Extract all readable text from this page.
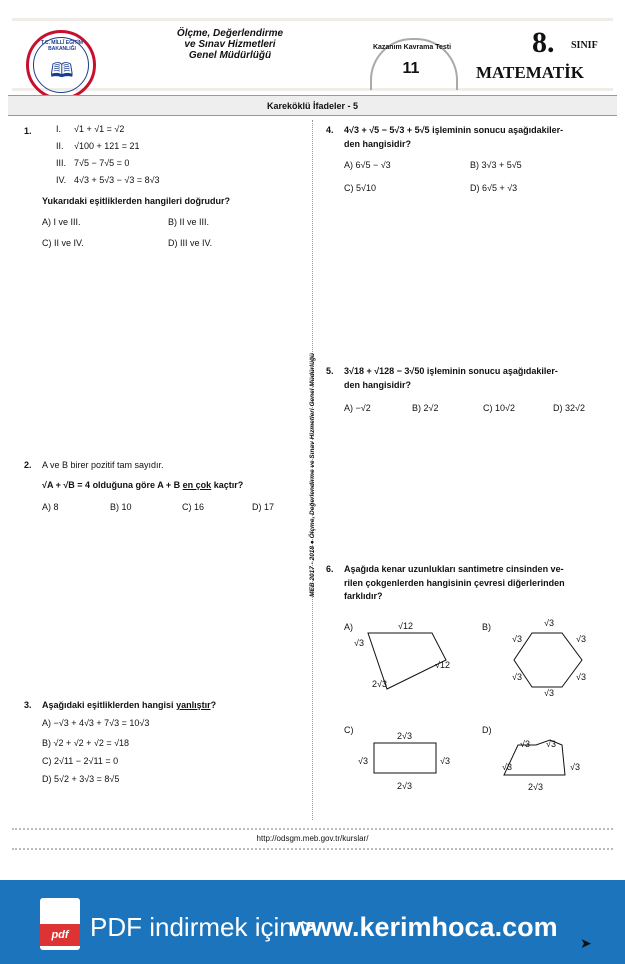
🕮
T.C. MİLLÎ EĞİTİM BAKANLIĞI
Ölçme, Değerlendirme
ve Sınav Hizmetleri
Genel Müdürlüğü
Kazanım Kavrama Testi
11
8. SINIF
MATEMATİK
Kareköklü İfadeler - 5
MEB 2017 - 2018 ● Ölçme, Değerlendirme ve Sınav Hizmetleri Genel Müdürlüğü
1.	I. √1 + √1 = √2
II. √100 + 121 = 21
III. 7√5 − 7√5 = 0
IV. 4√3 + 5√3 − √3 = 8√3
Yukarıdaki eşitliklerden hangileri doğrudur?
A) I ve III.	B) II ve III.
C) II ve IV.	D) III ve IV.
2. A ve B birer pozitif tam sayıdır.
√A + √B = 4 olduğuna göre A + B en çok kaçtır?
A) 8	B) 10	C) 16	D) 17
3. Aşağıdaki eşitliklerden hangisi yanlıştır?
A) −√3 + 4√3 + 7√3 = 10√3
B) √2 + √2 + √2 = √18
C) 2√11 − 2√11 = 0
D) 5√2 + 3√3 = 8√5
4. 4√3 + √5 − 5√3 + 5√5 işleminin sonucu aşağıdakiler-
den hangisidir?
A) 6√5 − √3	B) 3√3 + 5√5
C) 5√10	D) 6√5 + √3
5. 3√18 + √128 − 3√50 işleminin sonucu aşağıdakiler-
den hangisidir?
A) −√2	B) 2√2	C) 10√2	D) 32√2
6. Aşağıda kenar uzunlukları santimetre cinsinden ve-
rilen çokgenlerden hangisinin çevresi diğerlerinden
farklıdır?
A)	B)
C)	D)
√12
√3
√12
2√3
√3
√3	√3
√3	√3
√3
2√3
√3	√3
2√3
√3 √3
√3	√3
2√3
http://odsgm.meb.gov.tr/kurslar/
pdf PDF indirmek için >
www.kerimhoca.com
➤
